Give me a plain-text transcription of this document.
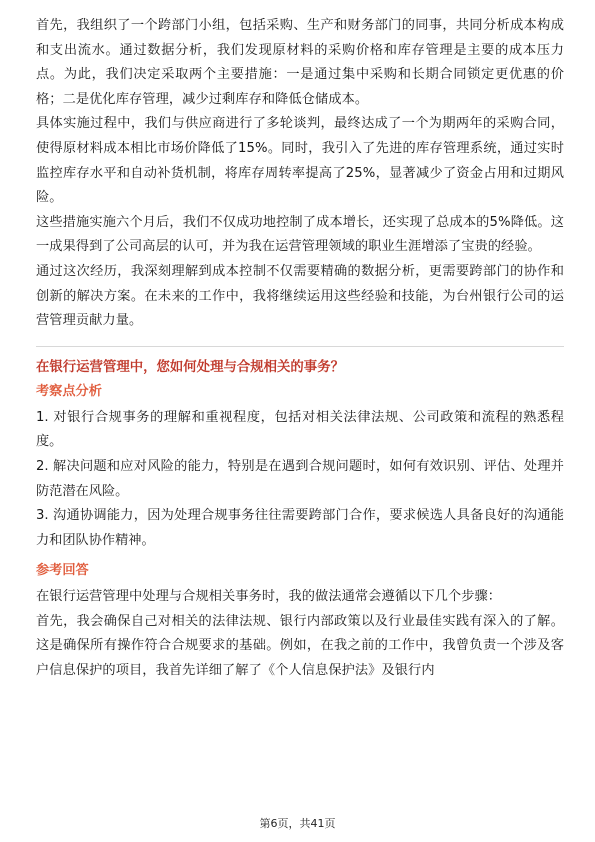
首先，我组织了一个跨部门小组，包括采购、生产和财务部门的同事，共同分析成本构成和支出流水。通过数据分析，我们发现原材料的采购价格和库存管理是主要的成本压力点。为此，我们决定采取两个主要措施：一是通过集中采购和长期合同锁定更优惠的价格；二是优化库存管理，减少过剩库存和降低仓储成本。

具体实施过程中，我们与供应商进行了多轮谈判，最终达成了一个为期两年的采购合同，使得原材料成本相比市场价降低了15%。同时，我引入了先进的库存管理系统，通过实时监控库存水平和自动补货机制，将库存周转率提高了25%，显著减少了资金占用和过期风险。

这些措施实施六个月后，我们不仅成功地控制了成本增长，还实现了总成本的5%降低。这一成果得到了公司高层的认可，并为我在运营管理领域的职业生涯增添了宝贵的经验。

通过这次经历，我深刻理解到成本控制不仅需要精确的数据分析，更需要跨部门的协作和创新的解决方案。在未来的工作中，我将继续运用这些经验和技能，为台州银行公司的运营管理贡献力量。

在银行运营管理中，您如何处理与合规相关的事务？

考察点分析

1. 对银行合规事务的理解和重视程度，包括对相关法律法规、公司政策和流程的熟悉程度。

2. 解决问题和应对风险的能力，特别是在遇到合规问题时，如何有效识别、评估、处理并防范潜在风险。

3. 沟通协调能力，因为处理合规事务往往需要跨部门合作，要求候选人具备良好的沟通能力和团队协作精神。

参考回答

在银行运营管理中处理与合规相关事务时，我的做法通常会遵循以下几个步骤：

首先，我会确保自己对相关的法律法规、银行内部政策以及行业最佳实践有深入的了解。这是确保所有操作符合合规要求的基础。例如，在我之前的工作中，我曾负责一个涉及客户信息保护的项目，我首先详细了解了《个人信息保护法》及银行内

第6页，共41页
